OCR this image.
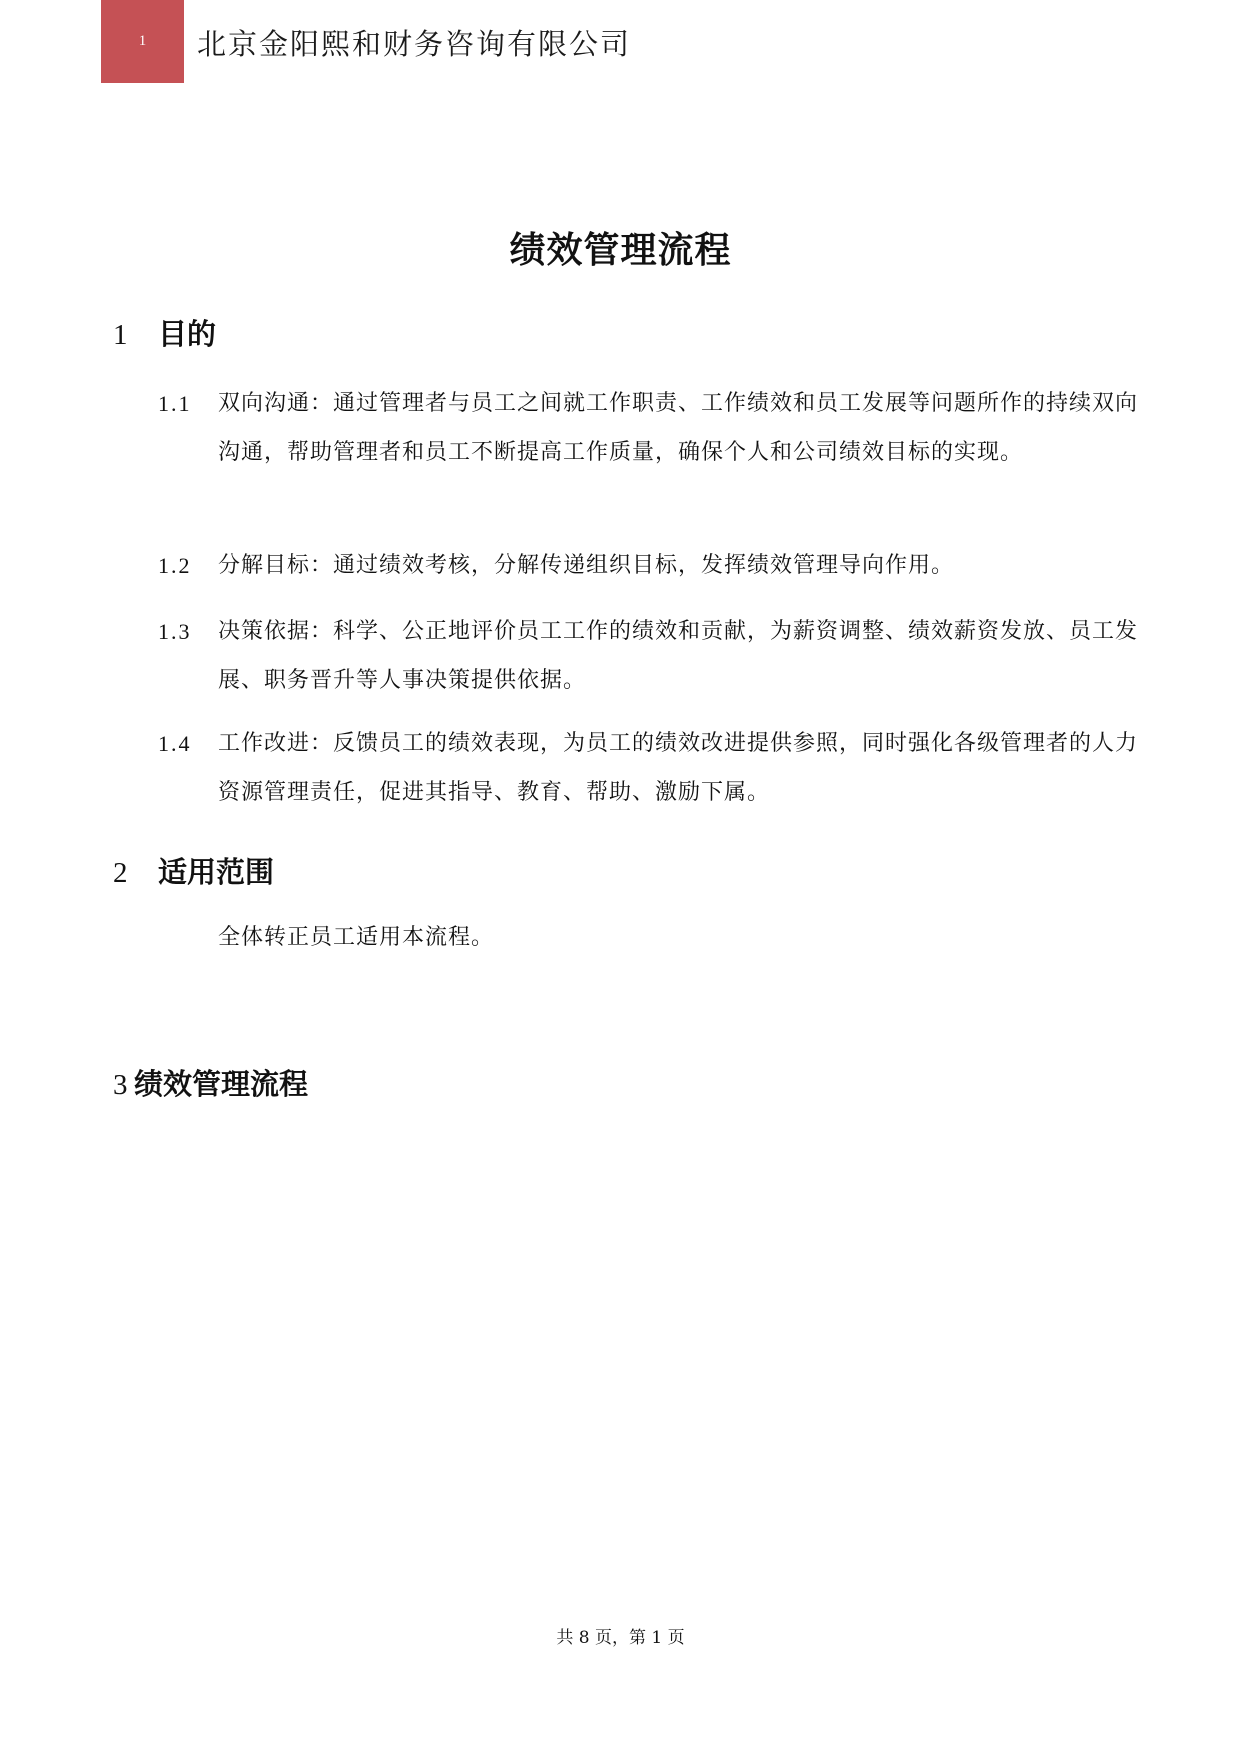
1	北京金阳熙和财务咨询有限公司
绩效管理流程
1	目的
1.1	双向沟通：通过管理者与员工之间就工作职责、工作绩效和员工发展等问题所作的持续双向沟通，帮助管理者和员工不断提高工作质量，确保个人和公司绩效目标的实现。
1.2	分解目标：通过绩效考核，分解传递组织目标，发挥绩效管理导向作用。
1.3	决策依据：科学、公正地评价员工工作的绩效和贡献，为薪资调整、绩效薪资发放、员工发展、职务晋升等人事决策提供依据。
1.4	工作改进：反馈员工的绩效表现，为员工的绩效改进提供参照，同时强化各级管理者的人力资源管理责任，促进其指导、教育、帮助、激励下属。
2	适用范围
全体转正员工适用本流程。
3 绩效管理流程
共 8 页，第 1 页
